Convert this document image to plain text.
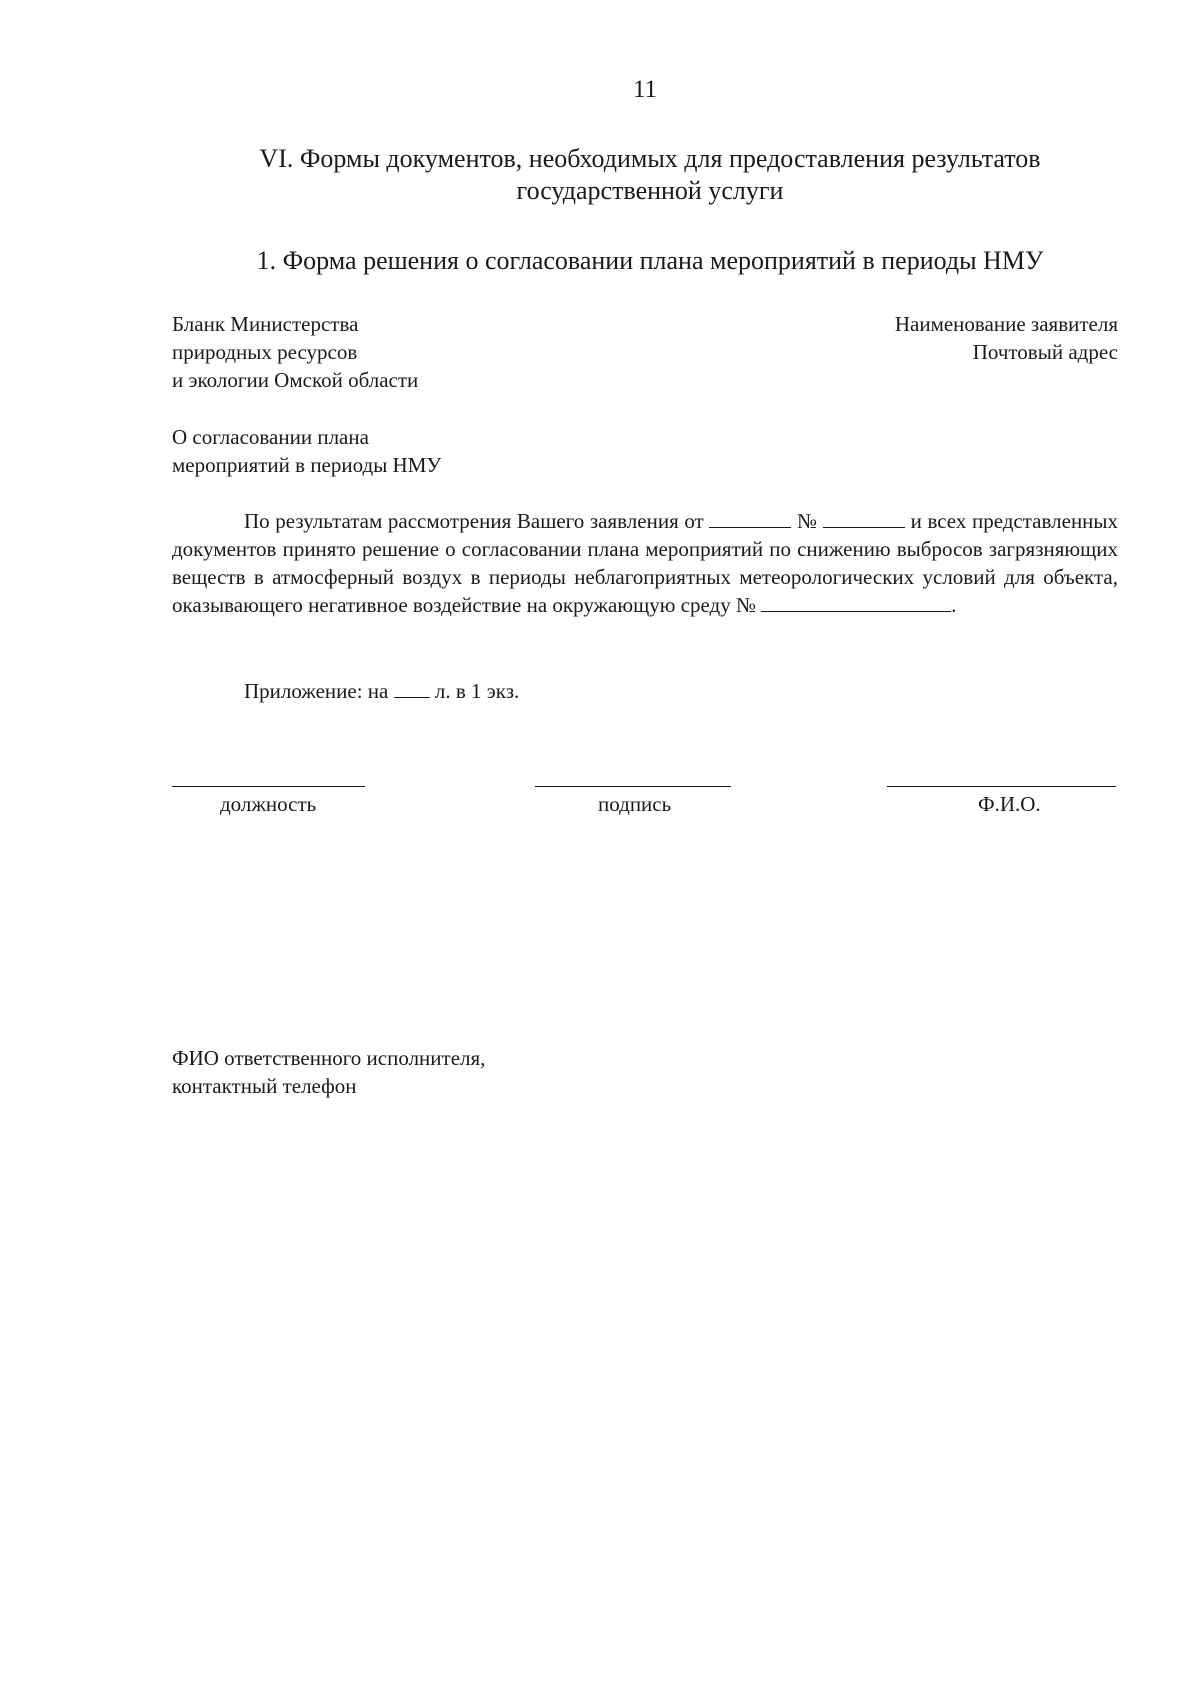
11
VI. Формы документов, необходимых для предоставления результатов
государственной услуги
1. Форма решения о согласовании плана мероприятий в периоды НМУ
Бланк Министерства
природных ресурсов
и экологии Омской области
Наименование заявителя
Почтовый адрес
О согласовании плана
мероприятий в периоды НМУ
По результатам рассмотрения Вашего заявления от	№	и всех представленных документов принято решение о согласовании плана мероприятий по снижению выбросов загрязняющих веществ в атмосферный воздух в периоды неблагоприятных метеорологических условий для объекта, оказывающего негативное воздействие на окружающую среду №	.
Приложение: на л. в 1 экз.
должность	подпись	Ф.И.О.
ФИО ответственного исполнителя,
контактный телефон
